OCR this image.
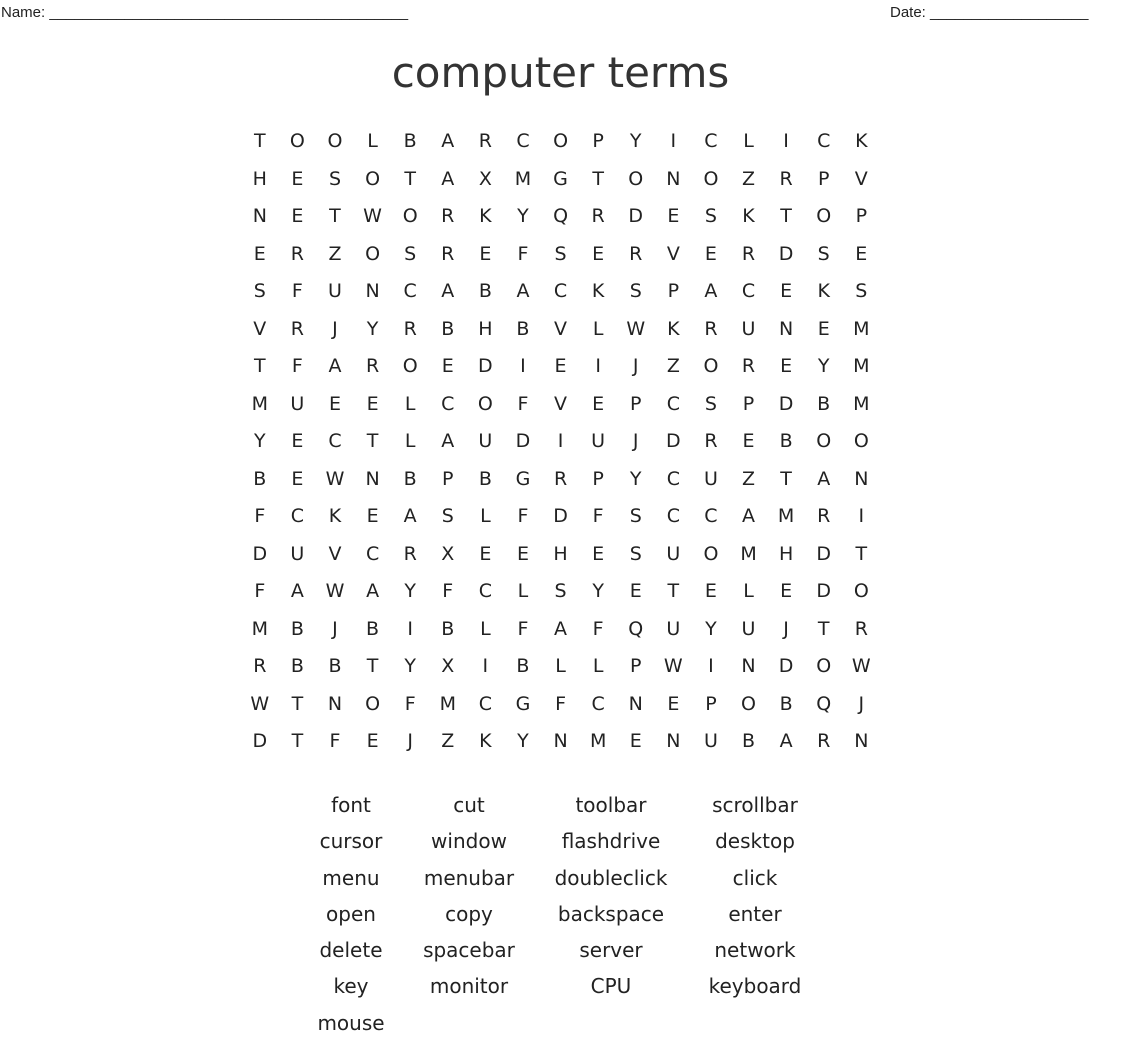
Name: ___________________________________________	Date: ___________________
computer terms
T	O	O	L	B	A	R	C	O	P	Y	I	C	L	I	C	K
H	E	S	O	T	A	X	M	G	T	O	N	O	Z	R	P	V
N	E	T	W	O	R	K	Y	Q	R	D	E	S	K	T	O	P
E	R	Z	O	S	R	E	F	S	E	R	V	E	R	D	S	E
S	F	U	N	C	A	B	A	C	K	S	P	A	C	E	K	S
V	R	J	Y	R	B	H	B	V	L	W	K	R	U	N	E	M
T	F	A	R	O	E	D	I	E	I	J	Z	O	R	E	Y	M
M	U	E	E	L	C	O	F	V	E	P	C	S	P	D	B	M
Y	E	C	T	L	A	U	D	I	U	J	D	R	E	B	O	O
B	E	W	N	B	P	B	G	R	P	Y	C	U	Z	T	A	N
F	C	K	E	A	S	L	F	D	F	S	C	C	A	M	R	I
D	U	V	C	R	X	E	E	H	E	S	U	O	M	H	D	T
F	A	W	A	Y	F	C	L	S	Y	E	T	E	L	E	D	O
M	B	J	B	I	B	L	F	A	F	Q	U	Y	U	J	T	R
R	B	B	T	Y	X	I	B	L	L	P	W	I	N	D	O	W
W	T	N	O	F	M	C	G	F	C	N	E	P	O	B	Q	J
D	T	F	E	J	Z	K	Y	N	M	E	N	U	B	A	R	N
font	cut	toolbar	scrollbar
cursor	window	flashdrive	desktop
menu	menubar	doubleclick	click
open	copy	backspace	enter
delete	spacebar	server	network
key	monitor	CPU	keyboard
mouse
